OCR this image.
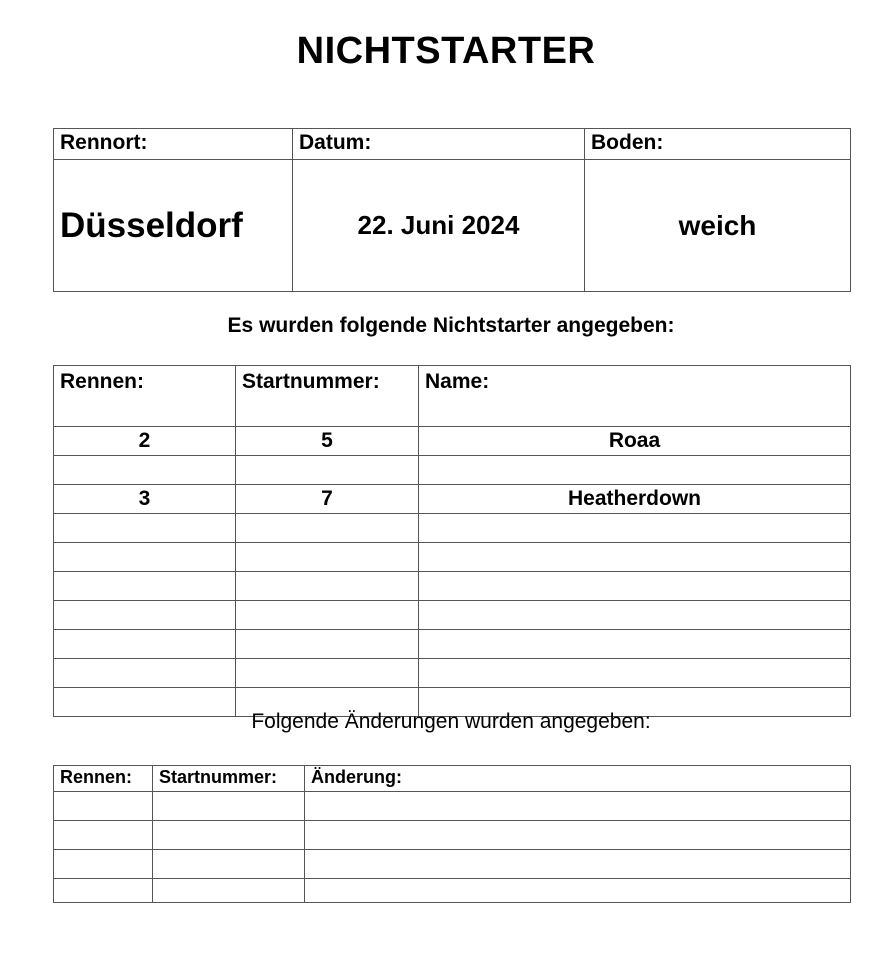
NICHTSTARTER
Rennort:	Datum:	Boden:
Düsseldorf	22. Juni 2024	weich
Es wurden folgende Nichtstarter angegeben:
Rennen:	Startnummer:	Name:
2	5	Roaa

3	7	Heatherdown

Folgende Änderungen wurden angegeben:
Rennen:	Startnummer:	Änderung:
